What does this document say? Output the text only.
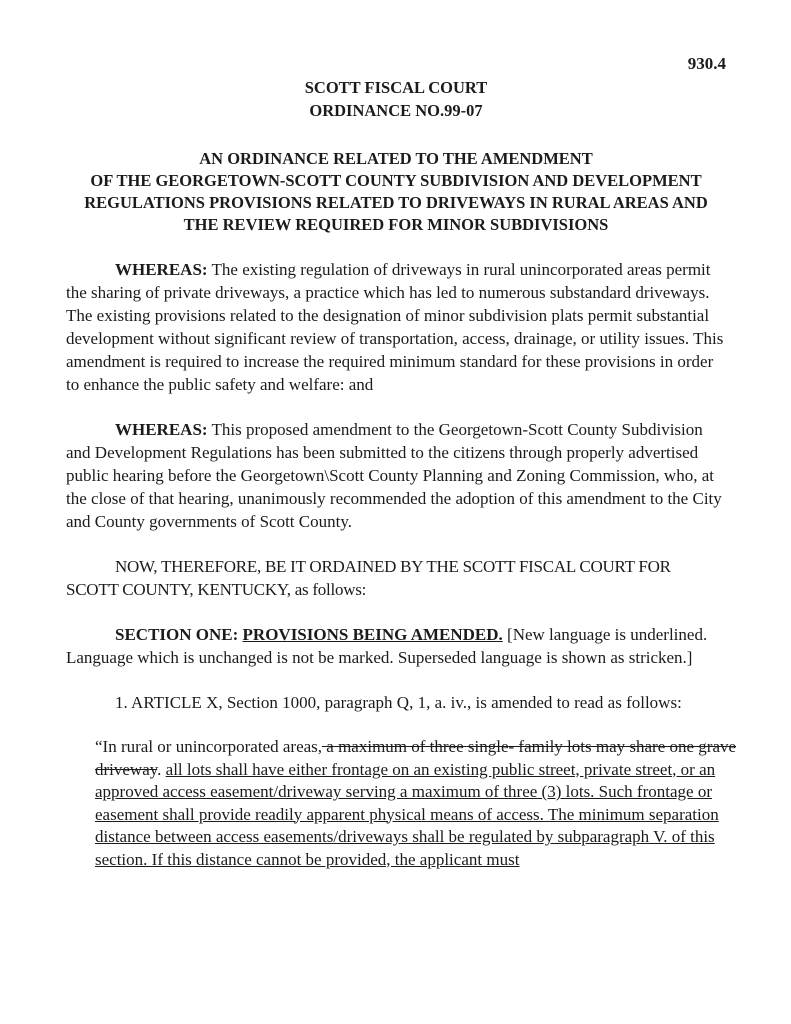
930.4
SCOTT FISCAL COURT
ORDINANCE NO.99-07
AN ORDINANCE RELATED TO THE AMENDMENT
OF THE GEORGETOWN-SCOTT COUNTY SUBDIVISION AND DEVELOPMENT
REGULATIONS PROVISIONS RELATED TO DRIVEWAYS IN RURAL AREAS AND
THE REVIEW REQUIRED FOR MINOR SUBDIVISIONS

WHEREAS: The existing regulation of driveways in rural unincorporated areas permit the sharing of private driveways, a practice which has led to numerous substandard driveways. The existing provisions related to the designation of minor subdivision plats permit substantial development without significant review of transportation, access, drainage, or utility issues. This amendment is required to increase the required minimum standard for these provisions in order to enhance the public safety and welfare: and

WHEREAS: This proposed amendment to the Georgetown-Scott County Subdivision and Development Regulations has been submitted to the citizens through properly advertised public hearing before the Georgetown\Scott County Planning and Zoning Commission, who, at the close of that hearing, unanimously recommended the adoption of this amendment to the City and County governments of Scott County.

NOW, THEREFORE, BE IT ORDAINED BY THE SCOTT FISCAL COURT FOR SCOTT COUNTY, KENTUCKY, as follows:

SECTION ONE: PROVISIONS BEING AMENDED. [New language is underlined. Language which is unchanged is not be marked. Superseded language is shown as stricken.]

1. ARTICLE X, Section 1000, paragraph Q, 1, a. iv., is amended to read as follows:

“In rural or unincorporated areas, a maximum of three single- family lots may share one grave driveway. all lots shall have either frontage on an existing public street, private street, or an approved access easement/driveway serving a maximum of three (3) lots. Such frontage or easement shall provide readily apparent physical means of access. The minimum separation distance between access easements/driveways shall be regulated by subparagraph V. of this section. If this distance cannot be provided, the applicant must
